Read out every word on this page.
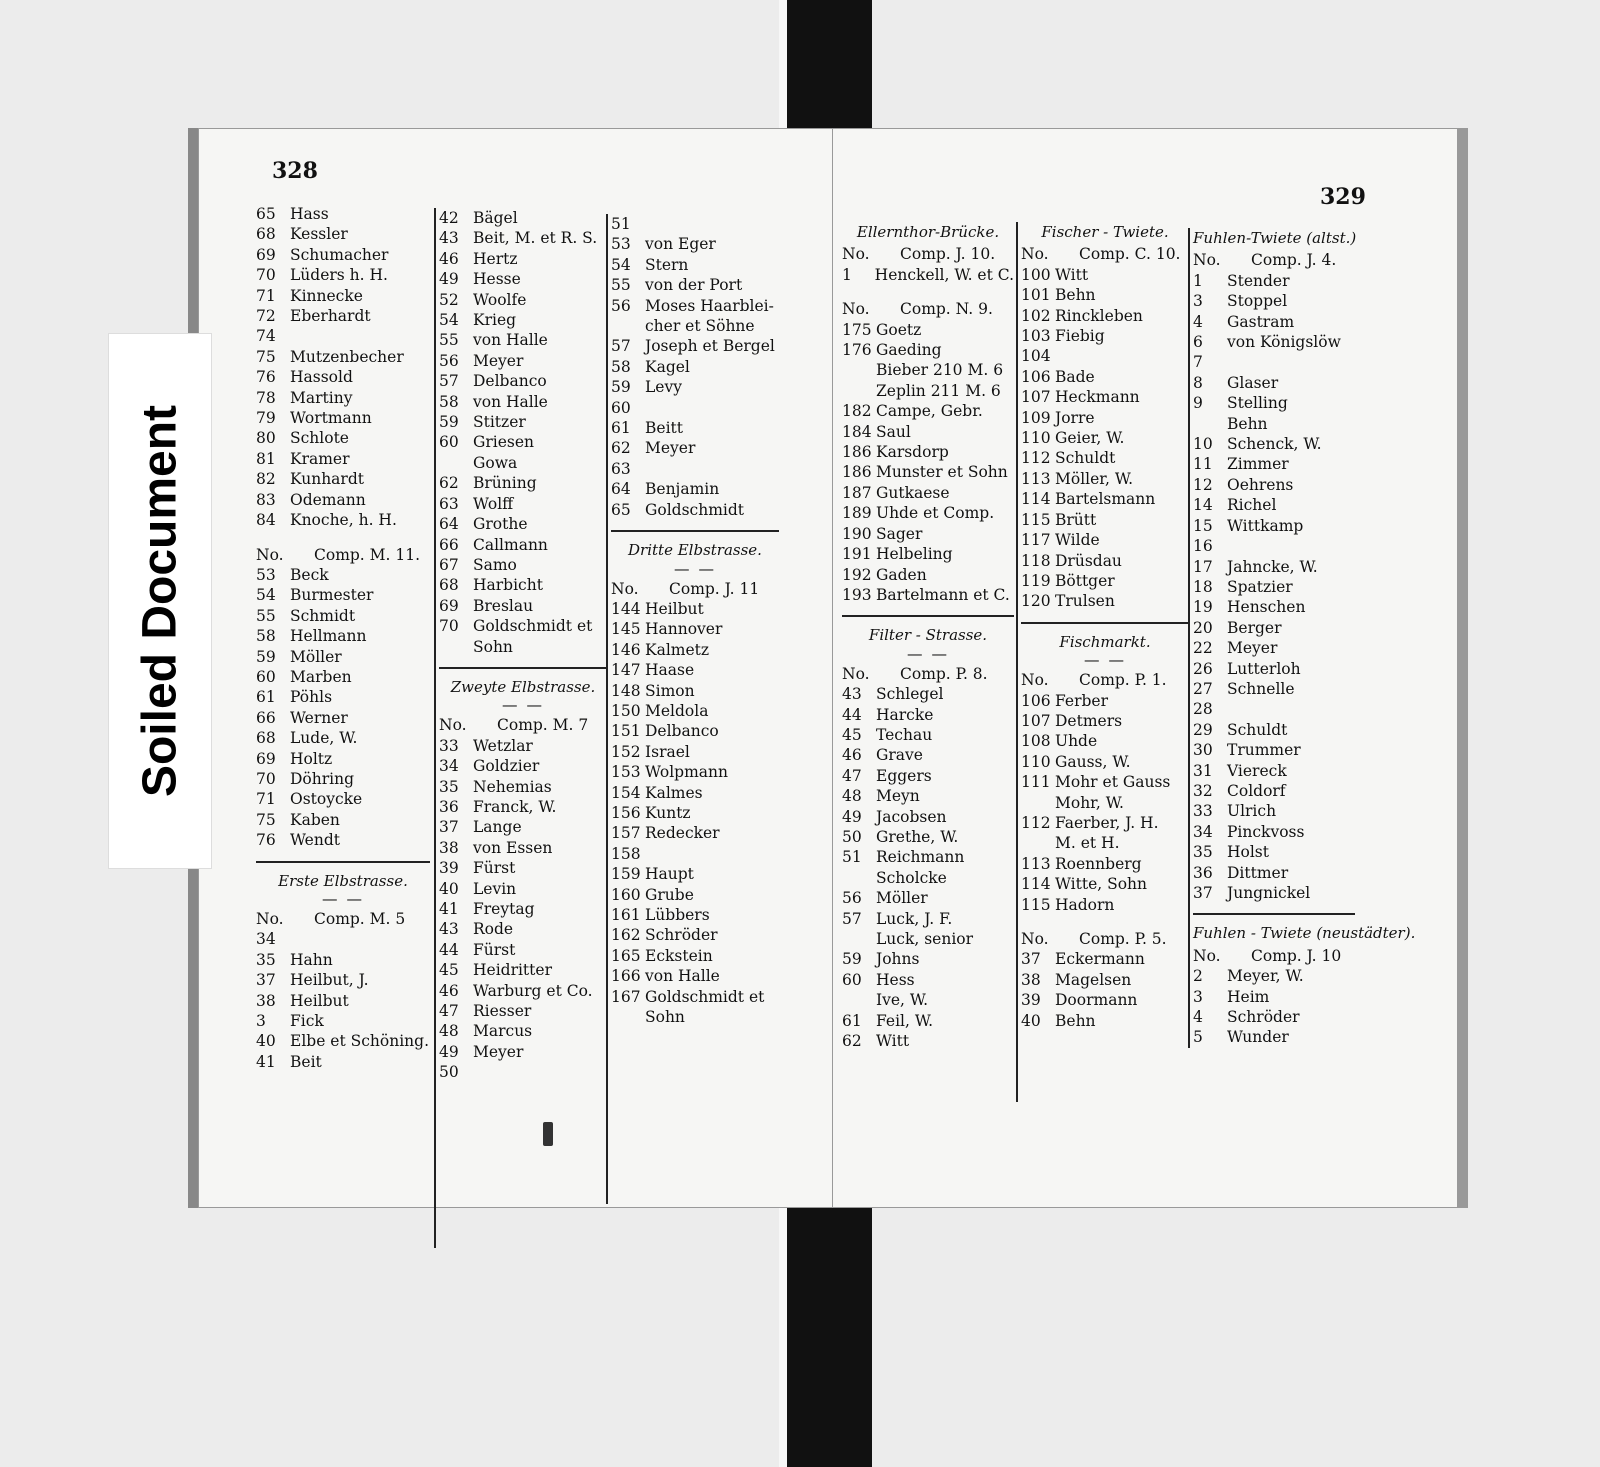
328
65 Hass
68 Kessler
69 Schumacher
70 Lüders h. H.
71 Kinnecke
72 Eberhardt
74
75 Mutzenbecher
76 Hassold
78 Martiny
79 Wortmann
80 Schlote
81 Kramer
82 Kunhardt
83 Odemann
84 Knoche, h. H.
No.	Comp. M. 11.
53 Beck
54 Burmester
55 Schmidt
58 Hellmann
59 Möller
60 Marben
61 Pöhls
66 Werner
68 Lude, W.
69 Holtz
70 Döhring
71 Ostoycke
75 Kaben
76 Wendt
Erste Elbstrasse.
— —
No.	Comp. M. 5
34
35 Hahn
37 Heilbut, J.
38 Heilbut
3	Fick
40 Elbe et Schöning.
41 Beit
42 Bägel
43 Beit, M. et R. S.
46 Hertz
49 Hesse
52 Woolfe
54 Krieg
55 von Halle
56 Meyer
57 Delbanco
58 von Halle
59 Stitzer
60 Griesen
Gowa
62 Brüning
63 Wolff
64 Grothe
66 Callmann
67 Samo
68 Harbicht
69 Breslau
70 Goldschmidt et
Sohn
Zweyte Elbstrasse.
— —
No.	Comp. M. 7
33 Wetzlar
34 Goldzier
35 Nehemias
36 Franck, W.
37 Lange
38 von Essen
39 Fürst
40 Levin
41 Freytag
43 Rode
44 Fürst
45 Heidritter
46 Warburg et Co.
47 Riesser
48 Marcus
49 Meyer
50
51
53 von Eger
54 Stern
55 von der Port
56 Moses Haarblei-
cher et Söhne
57 Joseph et Bergel
58 Kagel
59 Levy
60
61 Beitt
62 Meyer
63
64 Benjamin
65 Goldschmidt
Dritte Elbstrasse.
— —
No.	Comp. J. 11
144 Heilbut
145 Hannover
146 Kalmetz
147 Haase
148 Simon
150 Meldola
151 Delbanco
152 Israel
153 Wolpmann
154 Kalmes
156 Kuntz
157 Redecker
158
159 Haupt
160 Grube
161 Lübbers
162 Schröder
165 Eckstein
166 von Halle
167 Goldschmidt et
Sohn
329
Ellernthor-Brücke.
No.	Comp. J. 10.
1	Henckell, W. et C.
No.	Comp. N. 9.
175 Goetz
176 Gaeding
Bieber 210 M. 6
Zeplin 211 M. 6
182 Campe, Gebr.
184 Saul
186 Karsdorp
186 Munster et Sohn
187 Gutkaese
189 Uhde et Comp.
190 Sager
191 Helbeling
192 Gaden
193 Bartelmann et C.
Filter - Strasse.
— —
No.	Comp. P. 8.
43 Schlegel
44 Harcke
45 Techau
46 Grave
47 Eggers
48 Meyn
49 Jacobsen
50 Grethe, W.
51 Reichmann
Scholcke
56 Möller
57 Luck, J. F.
Luck, senior
59 Johns
60 Hess
Ive, W.
61 Feil, W.
62 Witt
Fischer - Twiete.
No.	Comp. C. 10.
100 Witt
101 Behn
102 Rinckleben
103 Fiebig
104
106 Bade
107 Heckmann
109 Jorre
110 Geier, W.
112 Schuldt
113 Möller, W.
114 Bartelsmann
115 Brütt
117 Wilde
118 Drüsdau
119 Böttger
120 Trulsen
Fischmarkt.
— —
No.	Comp. P. 1.
106 Ferber
107 Detmers
108 Uhde
110 Gauss, W.
111 Mohr et Gauss
Mohr, W.
112 Faerber, J. H.
M. et H.
113 Roennberg
114 Witte, Sohn
115 Hadorn
No.	Comp. P. 5.
37 Eckermann
38 Magelsen
39 Doormann
40 Behn
Fuhlen-Twiete (altst.)
No.	Comp. J. 4.
1	Stender
3	Stoppel
4	Gastram
6	von Königslöw
7
8	Glaser
9	Stelling
Behn
10 Schenck, W.
11 Zimmer
12 Oehrens
14 Richel
15 Wittkamp
16
17 Jahncke, W.
18 Spatzier
19 Henschen
20 Berger
22 Meyer
26 Lutterloh
27 Schnelle
28
29 Schuldt
30 Trummer
31 Viereck
32 Coldorf
33 Ulrich
34 Pinckvoss
35 Holst
36 Dittmer
37 Jungnickel
Fuhlen - Twiete (neustädter).
No.	Comp. J. 10
2	Meyer, W.
3	Heim
4	Schröder
5	Wunder
Soiled Document
